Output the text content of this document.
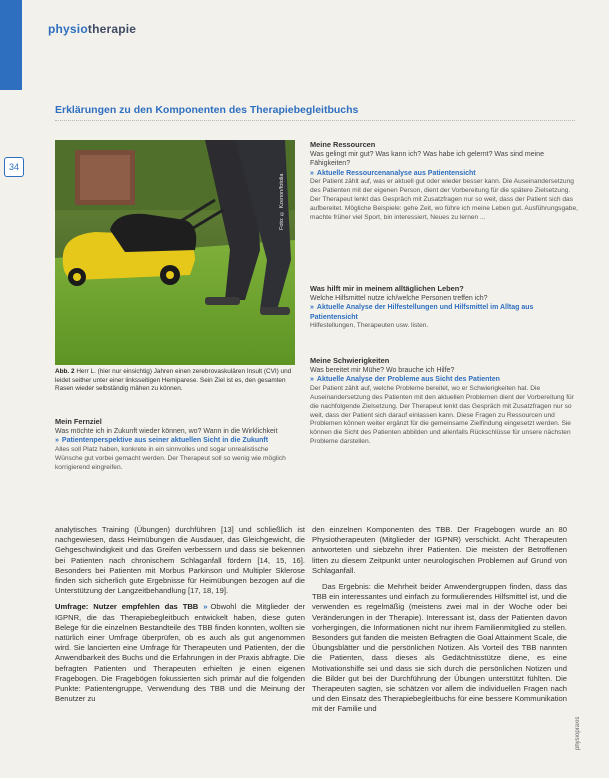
physiotherapie
Erklärungen zu den Komponenten des Therapiebegleitbuchs
34
Foto: © Kzenon/fotolia
Abb. 2 Herr L. (hier nur einsichtig) Jahren einen zerebrovaskulären Insult (CVI) und leidet seither unter einer linksseitigen Hemiparese. Sein Ziel ist es, den gesamten Rasen wieder selbständig mähen zu können.
Mein Fernziel
Was möchte ich in Zukunft wieder können, wo? Wann in die Wirklichkeit
» Patientenperspektive aus seiner aktuellen Sicht in die Zukunft
Alles soll Platz haben, konkrete in ein sinnvolles und sogar unrealistische Wünsche gut vorbei gemacht werden. Der Therapeut soll so wenig wie möglich korrigierend eingreifen.
Meine Ressourcen
Was gelingt mir gut? Was kann ich? Was habe ich gelernt? Was sind meine Fähigkeiten?
» Aktuelle Ressourcenanalyse aus Patientensicht
Der Patient zählt auf, was er aktuell gut oder wieder besser kann. Die Auseinandersetzung des Patienten mit der eigenen Person, dient der Vorbereitung für die spätere Zielsetzung. Der Therapeut lenkt das Gespräch mit Zusatzfragen nur so weit, dass der Patient sich das aufbereitet. Mögliche Beispiele: gehe Zeit, wo führe ich meine Leben gut. Ausführungsgabe, machte früher viel Sport, bin interessiert, Neues zu lernen ...
Was hilft mir in meinem alltäglichen Leben?
Welche Hilfsmittel nutze ich/welche Personen treffen ich?
» Aktuelle Analyse der Hilfestellungen und Hilfsmittel im Alltag aus Patientensicht
Hilfestellungen, Therapeuten usw. listen.
Meine Schwierigkeiten
Was bereitet mir Mühe? Wo brauche ich Hilfe?
» Aktuelle Analyse der Probleme aus Sicht des Patienten
Der Patient zählt auf, welche Probleme bereitet, wo er Schwierigkeiten hat. Die Auseinandersetzung des Patienten mit den aktuellen Problemen dient der Vorbereitung für die nachfolgende Zielsetzung. Der Therapeut lenkt das Gespräch mit Zusatzfragen nur so weit, dass der Patient sich darauf einlassen kann. Diese Fragen zu Ressourcen und Problemen können weiter ergänzt für die gemeinsame Zielfindung eingesetzt werden. Sie können die Sicht des Patienten abbilden und allenfalls Rückschlüsse für unsere nächsten Probleme darstellen.
analytisches Training (Übungen) durchführen [13] und schließlich ist nachgewiesen, dass Heimübungen die Ausdauer, das Gleichgewicht, die Gehgeschwindigkeit und das Greifen verbessern und dass sie bekennen bei Patienten nach chronischem Schlaganfall fördern [14, 15, 16]. Besonders bei Patienten mit Morbus Parkinson und Multipler Sklerose finden sich sicherlich gute Ergebnisse für Heimübungen bezogen auf die Unterstützung der Langzeitbehandlung [17, 18, 19].
Umfrage: Nutzer empfehlen das TBB » Obwohl die Mitglieder der IGPNR, die das Therapiebegleitbuch entwickelt haben, diese guten Belege für die einzelnen Bestandteile des TBB finden konnten, wollten sie natürlich einer Umfrage überprüfen, ob es auch als gut angenommen wird. Sie lancierten eine Umfrage für Therapeuten und Patienten, der die Anwendbarkeit des Buchs und die Erfahrungen in der Praxis abfragte. Die befragten Patienten und Therapeuten erhielten je einen eigenen Fragebogen. Die Fragebögen fokussierten sich primär auf die folgenden Punkte: Patientengruppe, Verwendung des TBB und die Meinung der Benutzer zu
den einzelnen Komponenten des TBB. Der Fragebogen wurde an 80 Physiotherapeuten (Mitglieder der IGPNR) verschickt. Acht Therapeuten antworteten und siebzehn ihrer Patienten. Die meisten der Betroffenen litten zu diesem Zeitpunkt unter neurologischen Problemen auf Grund von Schlaganfall.
Das Ergebnis: die Mehrheit beider Anwendergruppen finden, dass das TBB ein interessantes und einfach zu formulierendes Hilfsmittel ist, und die verwenden es regelmäßig (meistens zwei mal in der Woche oder bei Veränderungen in der Therapie). Interessant ist, dass der Patienten davon vorhergingen, die Informationen nicht nur ihrem Familienmitglied zu stellen. Besonders gut fanden die meisten Befragten die Goal Attainment Scale, die Übungsblätter und die persönlichen Notizen. Als Vorteil des TBB nannten die Patienten, dass dieses als Gedächtnisstütze diene, es eine Motivationshilfe sei und dass sie sich durch die persönlichen Notizen und die Bilder gut bei der Durchführung der Übungen unterstützt fühlten. Die Therapeuten sagten, sie schätzen vor allem die individuellen Fragen nach und den Einsatz des Therapiebegleitbuchs für eine bessere Kommunikation mit der Familie und
physiopraxis
